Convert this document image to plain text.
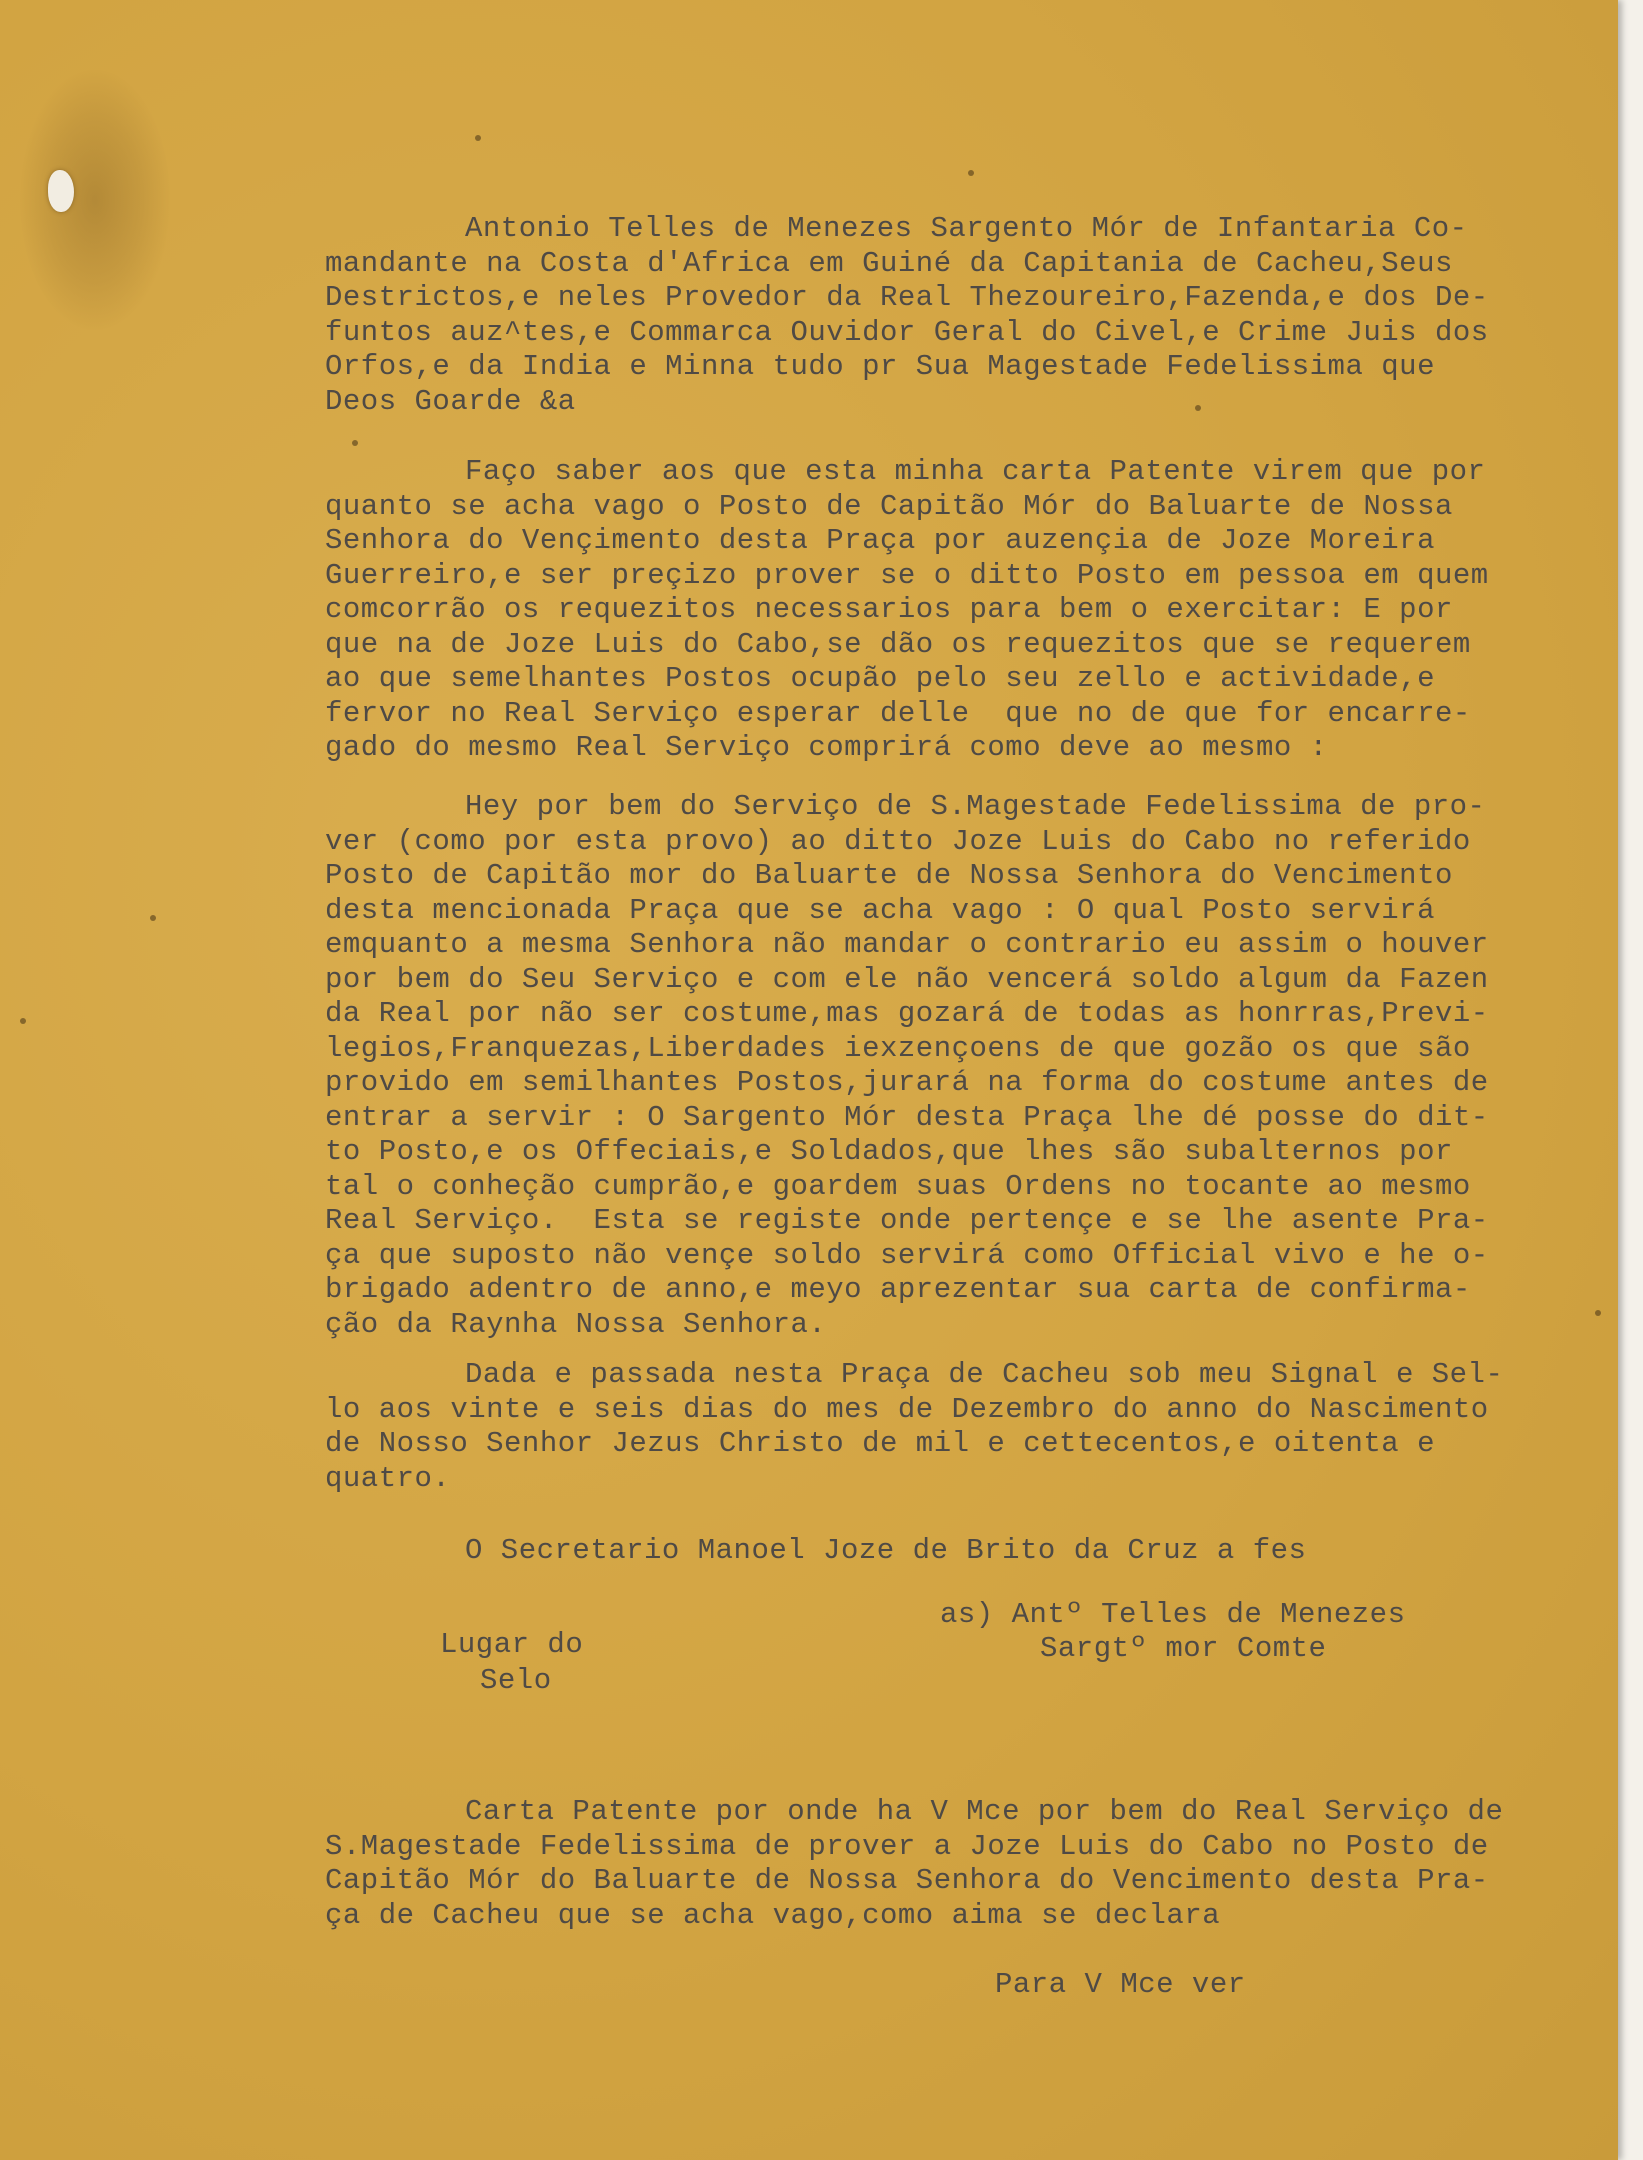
Antonio Telles de Menezes Sargento Mór de Infantaria Co-
mandante na Costa d'Africa em Guiné da Capitania de Cacheu,Seus
Destrictos,e neles Provedor da Real Thezoureiro,Fazenda,e dos De-
funtos auz^tes,e Commarca Ouvidor Geral do Civel,e Crime Juis dos
Orfos,e da India e Minna tudo pr Sua Magestade Fedelissima que
Deos Goarde &a
Faço saber aos que esta minha carta Patente virem que por
quanto se acha vago o Posto de Capitão Mór do Baluarte de Nossa
Senhora do Vençimento desta Praça por auzençia de Joze Moreira
Guerreiro,e ser preçizo prover se o ditto Posto em pessoa em quem
comcorrão os requezitos necessarios para bem o exercitar: E por
que na de Joze Luis do Cabo,se dão os requezitos que se requerem
ao que semelhantes Postos ocupão pelo seu zello e actividade,e
fervor no Real Serviço esperar delle  que no de que for encarre-
gado do mesmo Real Serviço comprirá como deve ao mesmo :
Hey por bem do Serviço de S.Magestade Fedelissima de pro-
ver (como por esta provo) ao ditto Joze Luis do Cabo no referido
Posto de Capitão mor do Baluarte de Nossa Senhora do Vencimento
desta mencionada Praça que se acha vago : O qual Posto servirá
emquanto a mesma Senhora não mandar o contrario eu assim o houver
por bem do Seu Serviço e com ele não vencerá soldo algum da Fazen
da Real por não ser costume,mas gozará de todas as honrras,Previ-
legios,Franquezas,Liberdades iexzençoens de que gozão os que são
provido em semilhantes Postos,jurará na forma do costume antes de
entrar a servir : O Sargento Mór desta Praça lhe dé posse do dit-
to Posto,e os Offeciais,e Soldados,que lhes são subalternos por
tal o conheção cumprão,e goardem suas Ordens no tocante ao mesmo
Real Serviço.  Esta se registe onde pertençe e se lhe asente Pra-
ça que suposto não vençe soldo servirá como Official vivo e he o-
brigado adentro de anno,e meyo aprezentar sua carta de confirma-
ção da Raynha Nossa Senhora.
Dada e passada nesta Praça de Cacheu sob meu Signal e Sel-
lo aos vinte e seis dias do mes de Dezembro do anno do Nascimento
de Nosso Senhor Jezus Christo de mil e cettecentos,e oitenta e
quatro.
O Secretario Manoel Joze de Brito da Cruz a fes
as) Antº Telles de Menezes
Sargtº mor Comte
Lugar do
Selo
Carta Patente por onde ha V Mce por bem do Real Serviço de
S.Magestade Fedelissima de prover a Joze Luis do Cabo no Posto de
Capitão Mór do Baluarte de Nossa Senhora do Vencimento desta Pra-
ça de Cacheu que se acha vago,como aima se declara
Para V Mce ver
